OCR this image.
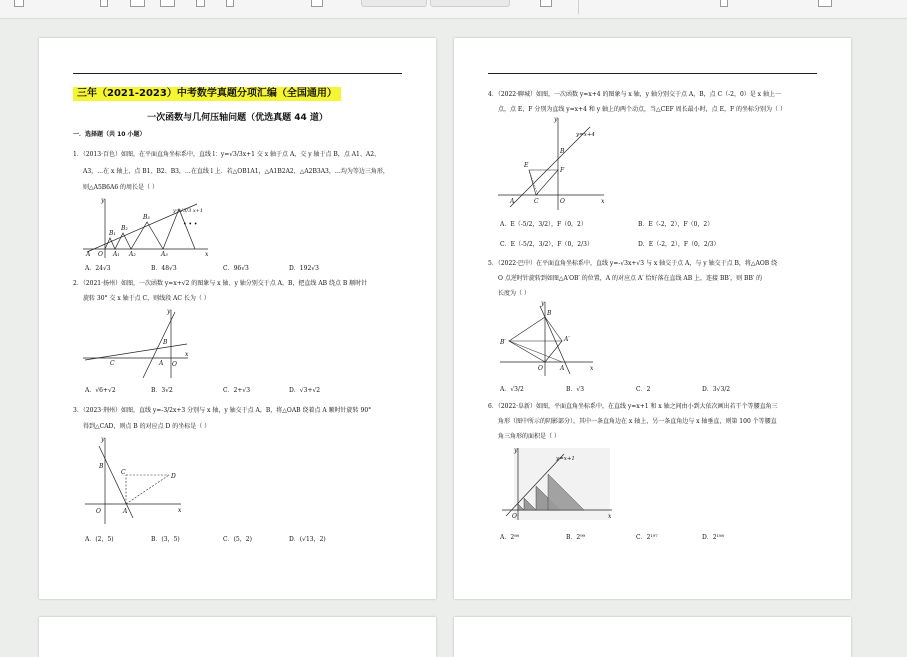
三年（2021-2023）中考数学真题分项汇编（全国通用）
一次函数与几何压轴问题（优选真题 44 道）
一．选择题（共 10 小题）
1．（2013·百色）如图，在平面直角坐标系中，直线 l：y=√3/3x+1 交 x 轴于点 A，交 y 轴于点 B，点 A1、A2、
A3，…在 x 轴上，点 B1、B2、B3，…在直线 l 上．若△OB1A1，△A1B2A2，△A2B3A3，…均为等边三角形，
则△A5B6A6 的周长是（ ）
y
x
O
A
B₁
B₂
B₃
A₁ A₂	A₃
y=√3/3 x+1
• • •
A．24√3	B．48√3	C．96√3	D．192√3
2．（2021·扬州）如图，一次函数 y=x+√2 的图象与 x 轴、y 轴分别交于点 A，B，把直线 AB 绕点 B 顺时针
旋转 30° 交 x 轴于点 C，则线段 AC 长为（ ）
y
x
O
A
B
C
A．√6+√2	B．3√2	C．2+√3	D．√3+√2
3．（2023·荆州）如图，直线 y=-3/2x+3 分别与 x 轴，y 轴交于点 A，B，将△OAB 绕着点 A 顺时针旋转 90°
得到△CAD，则点 B 的对应点 D 的坐标是（ ）
y
x
O	A
B
C
D
A．(2，5)	B．(3，5)	C．(5，2)	D．(√13，2)
4．（2022·聊城）如图，一次函数 y=x+4 的图象与 x 轴，y 轴分别交于点 A，B，点 C（-2，0）是 x 轴上一
点，点 E，F 分别为直线 y=x+4 和 y 轴上的两个动点，当△CEF 周长最小时，点 E，F 的坐标分别为（ ）
y
x
O
A
B
C
E
F
y=x+4
A．E（-5/2，3/2），F（0，2）	B．E（-2，2），F（0，2）
C．E（-5/2，3/2），F（0，2/3）	D．E（-2，2），F（0，2/3）
5．（2022·巴中）在平面直角坐标系中，直线 y=-√3x+√3 与 x 轴交于点 A，与 y 轴交于点 B，将△AOB 绕
O 点逆时针旋转到如图△A′OB′ 的位置，A 的对应点 A′ 恰好落在直线 AB 上，连接 BB′，则 BB′ 的
长度为（ ）
y
x
O	A
B
A′
B′
A．√3/2	B．√3	C．2	D．3√3/2
6．（2022·阜新）如图，平面直角坐标系中，在直线 y=x+1 和 x 轴之间由小到大依次画出若干个等腰直角三
角形（图中所示的阴影部分），其中一条直角边在 x 轴上，另一条直角边与 x 轴垂直，则第 100 个等腰直
角三角形的面积是（ ）
y
x
O
y=x+1
A．2⁹⁸	B．2⁹⁹	C．2¹⁹⁷	D．2¹⁹⁸
